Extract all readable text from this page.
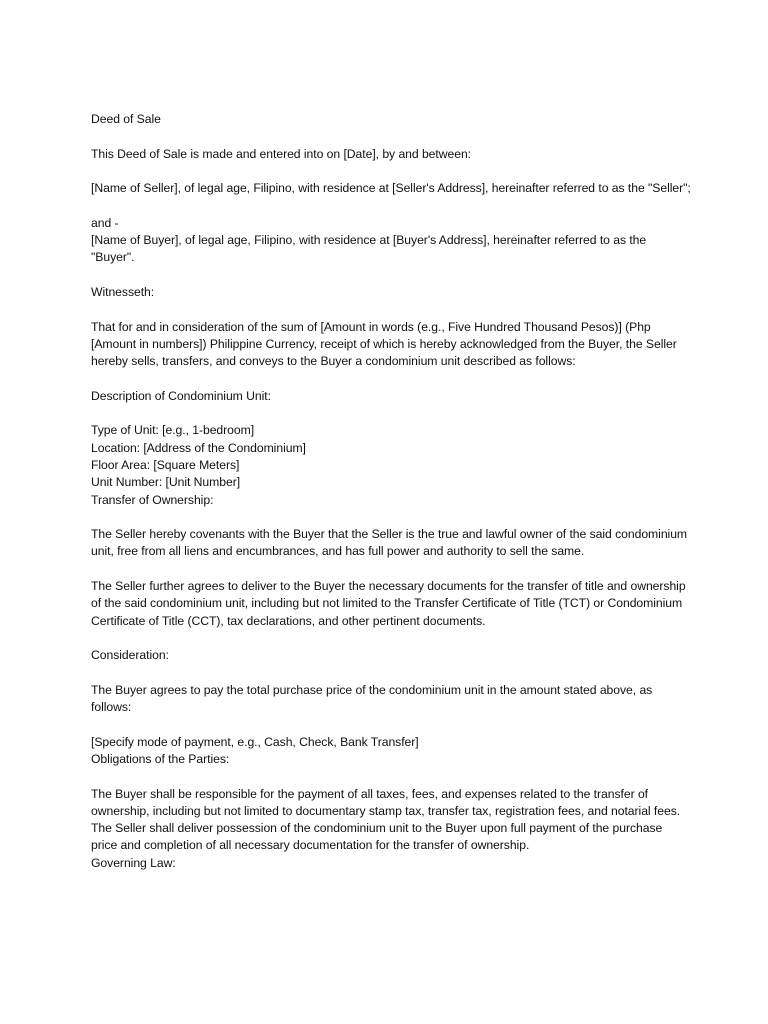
Deed of Sale

This Deed of Sale is made and entered into on [Date], by and between:

[Name of Seller], of legal age, Filipino, with residence at [Seller's Address], hereinafter referred to as the "Seller";

and -

[Name of Buyer], of legal age, Filipino, with residence at [Buyer's Address], hereinafter referred to as the "Buyer".

Witnesseth:

That for and in consideration of the sum of [Amount in words (e.g., Five Hundred Thousand Pesos)] (Php [Amount in numbers]) Philippine Currency, receipt of which is hereby acknowledged from the Buyer, the Seller hereby sells, transfers, and conveys to the Buyer a condominium unit described as follows:

Description of Condominium Unit:

Type of Unit: [e.g., 1-bedroom]

Location: [Address of the Condominium]

Floor Area: [Square Meters]

Unit Number: [Unit Number]

Transfer of Ownership:

The Seller hereby covenants with the Buyer that the Seller is the true and lawful owner of the said condominium unit, free from all liens and encumbrances, and has full power and authority to sell the same.

The Seller further agrees to deliver to the Buyer the necessary documents for the transfer of title and ownership of the said condominium unit, including but not limited to the Transfer Certificate of Title (TCT) or Condominium Certificate of Title (CCT), tax declarations, and other pertinent documents.

Consideration:

The Buyer agrees to pay the total purchase price of the condominium unit in the amount stated above, as follows:

[Specify mode of payment, e.g., Cash, Check, Bank Transfer]

Obligations of the Parties:

The Buyer shall be responsible for the payment of all taxes, fees, and expenses related to the transfer of ownership, including but not limited to documentary stamp tax, transfer tax, registration fees, and notarial fees.

The Seller shall deliver possession of the condominium unit to the Buyer upon full payment of the purchase price and completion of all necessary documentation for the transfer of ownership.

Governing Law:
